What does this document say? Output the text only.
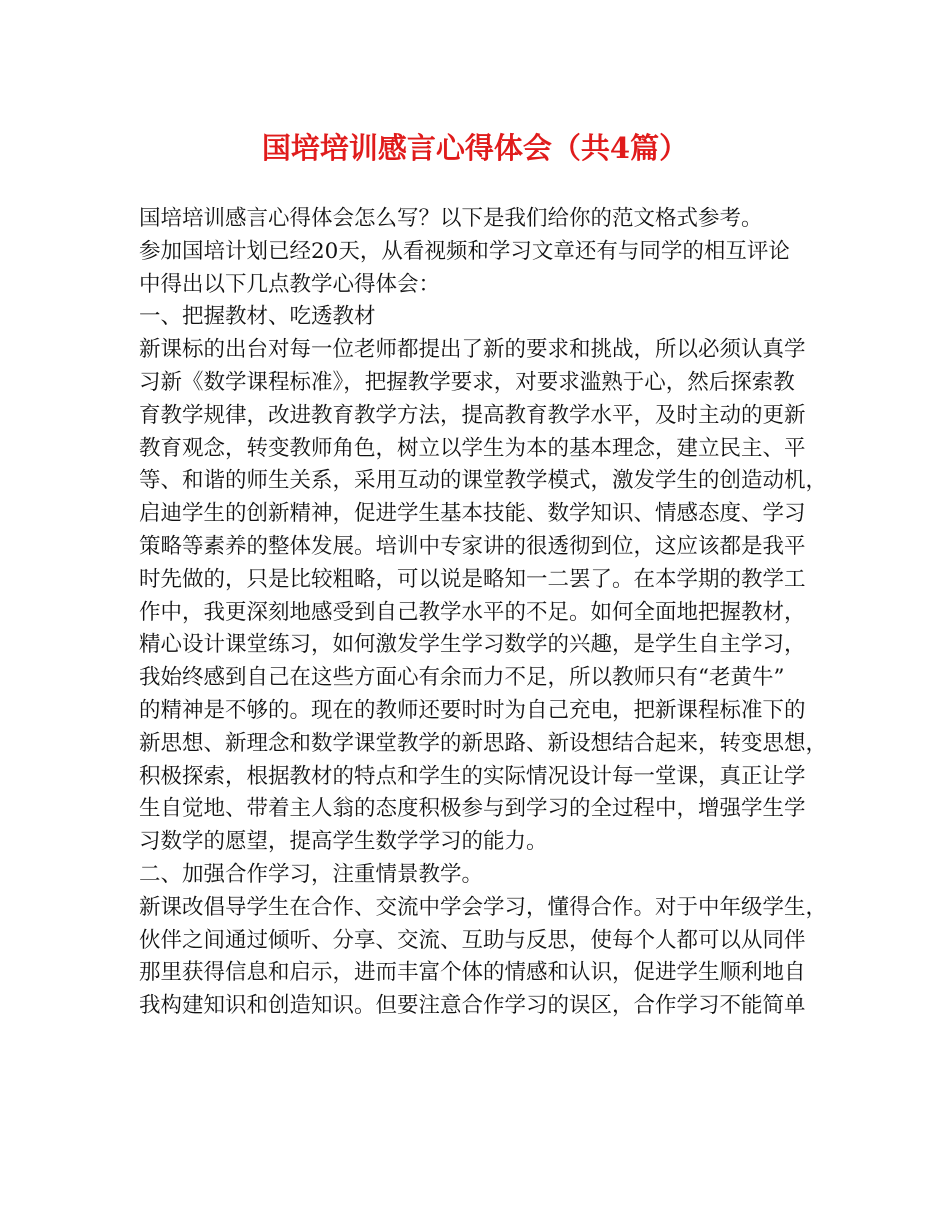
国培培训感言心得体会（共4篇）
国培培训感言心得体会怎么写？以下是我们给你的范文格式参考。
参加国培计划已经20天，从看视频和学习文章还有与同学的相互评论
中得出以下几点教学心得体会：
一、把握教材、吃透教材
新课标的出台对每一位老师都提出了新的要求和挑战，所以必须认真学
习新《数学课程标准》，把握教学要求，对要求滥熟于心，然后探索教
育教学规律，改进教育教学方法，提高教育教学水平，及时主动的更新
教育观念，转变教师角色，树立以学生为本的基本理念，建立民主、平
等、和谐的师生关系，采用互动的课堂教学模式，激发学生的创造动机，
启迪学生的创新精神，促进学生基本技能、数学知识、情感态度、学习
策略等素养的整体发展。培训中专家讲的很透彻到位，这应该都是我平
时先做的，只是比较粗略，可以说是略知一二罢了。在本学期的教学工
作中，我更深刻地感受到自己教学水平的不足。如何全面地把握教材，
精心设计课堂练习，如何激发学生学习数学的兴趣，是学生自主学习，
我始终感到自己在这些方面心有余而力不足，所以教师只有“老黄牛”
的精神是不够的。现在的教师还要时时为自己充电，把新课程标准下的
新思想、新理念和数学课堂教学的新思路、新设想结合起来，转变思想，
积极探索，根据教材的特点和学生的实际情况设计每一堂课，真正让学
生自觉地、带着主人翁的态度积极参与到学习的全过程中，增强学生学
习数学的愿望，提高学生数学学习的能力。
二、加强合作学习，注重情景教学。
新课改倡导学生在合作、交流中学会学习，懂得合作。对于中年级学生，
伙伴之间通过倾听、分享、交流、互助与反思，使每个人都可以从同伴
那里获得信息和启示，进而丰富个体的情感和认识，促进学生顺利地自
我构建知识和创造知识。但要注意合作学习的误区，合作学习不能简单
